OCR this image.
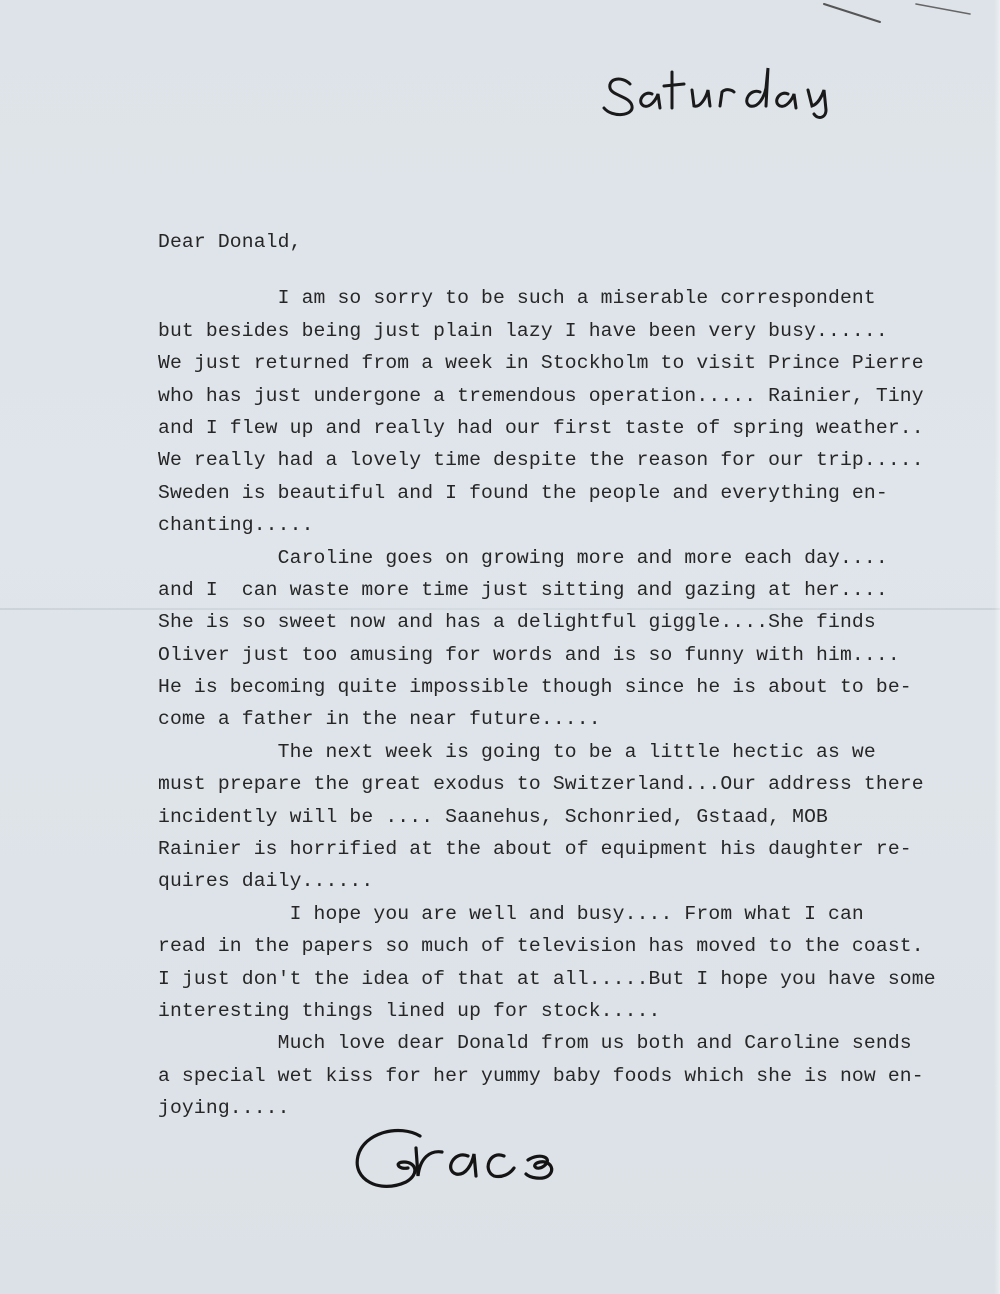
Dear Donald,
I am so sorry to be such a miserable correspondent
but besides being just plain lazy I have been very busy......
We just returned from a week in Stockholm to visit Prince Pierre
who has just undergone a tremendous operation..... Rainier, Tiny
and I flew up and really had our first taste of spring weather..
We really had a lovely time despite the reason for our trip.....
Sweden is beautiful and I found the people and everything en-
chanting.....
Caroline goes on growing more and more each day....
and I  can waste more time just sitting and gazing at her....
She is so sweet now and has a delightful giggle....She finds
Oliver just too amusing for words and is so funny with him....
He is becoming quite impossible though since he is about to be-
come a father in the near future.....
The next week is going to be a little hectic as we
must prepare the great exodus to Switzerland...Our address there
incidently will be .... Saanehus, Schonried, Gstaad, MOB
Rainier is horrified at the about of equipment his daughter re-
quires daily......
I hope you are well and busy.... From what I can
read in the papers so much of television has moved to the coast.
I just don't the idea of that at all.....But I hope you have some
interesting things lined up for stock.....
Much love dear Donald from us both and Caroline sends
a special wet kiss for her yummy baby foods which she is now en-
joying.....
